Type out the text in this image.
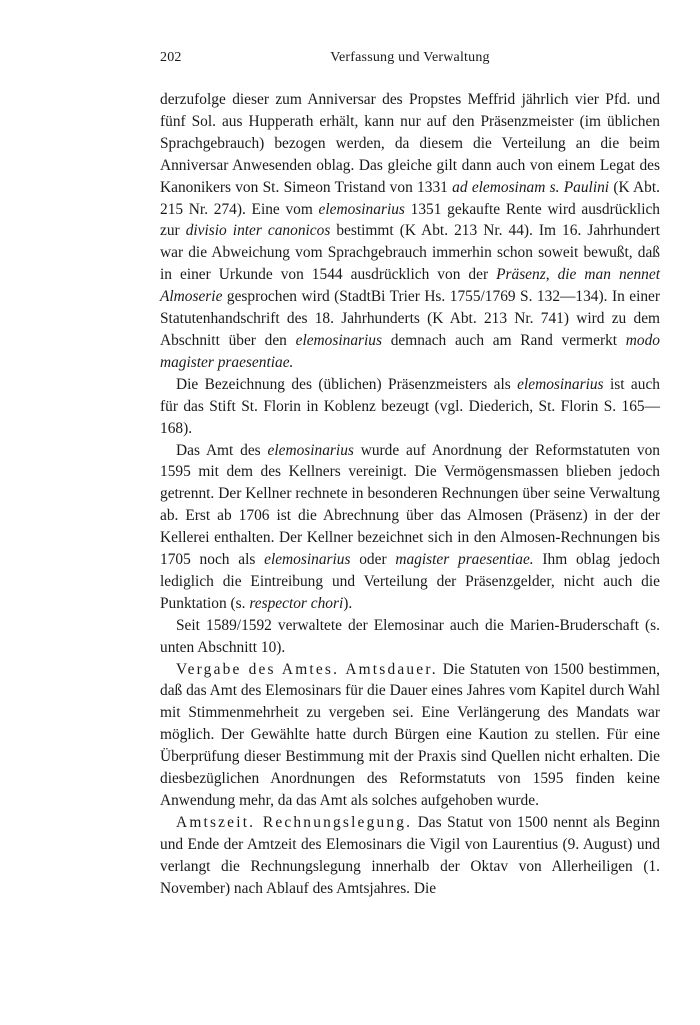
202	Verfassung und Verwaltung

derzufolge dieser zum Anniversar des Propstes Meffrid jährlich vier Pfd. und fünf Sol. aus Hupperath erhält, kann nur auf den Präsenzmeister (im üblichen Sprachgebrauch) bezogen werden, da diesem die Verteilung an die beim Anniversar Anwesenden oblag. Das gleiche gilt dann auch von einem Legat des Kanonikers von St. Simeon Tristand von 1331 ad elemosinam s. Paulini (K Abt. 215 Nr. 274). Eine vom elemosinarius 1351 gekaufte Rente wird ausdrücklich zur divisio inter canonicos bestimmt (K Abt. 213 Nr. 44). Im 16. Jahrhundert war die Abweichung vom Sprachgebrauch immerhin schon soweit bewußt, daß in einer Urkunde von 1544 ausdrücklich von der Präsenz, die man nennet Almoserie gesprochen wird (StadtBi Trier Hs. 1755/1769 S. 132—134). In einer Statutenhandschrift des 18. Jahrhunderts (K Abt. 213 Nr. 741) wird zu dem Abschnitt über den elemosinarius demnach auch am Rand vermerkt modo magister praesentiae.

Die Bezeichnung des (üblichen) Präsenzmeisters als elemosinarius ist auch für das Stift St. Florin in Koblenz bezeugt (vgl. Diederich, St. Florin S. 165—168).

Das Amt des elemosinarius wurde auf Anordnung der Reformstatuten von 1595 mit dem des Kellners vereinigt. Die Vermögensmassen blieben jedoch getrennt. Der Kellner rechnete in besonderen Rechnungen über seine Verwaltung ab. Erst ab 1706 ist die Abrechnung über das Almosen (Präsenz) in der der Kellerei enthalten. Der Kellner bezeichnet sich in den Almosen-Rechnungen bis 1705 noch als elemosinarius oder magister praesentiae. Ihm oblag jedoch lediglich die Eintreibung und Verteilung der Präsenzgelder, nicht auch die Punktation (s. respector chori).

Seit 1589/1592 verwaltete der Elemosinar auch die Marien-Bruderschaft (s. unten Abschnitt 10).

Vergabe des Amtes. Amtsdauer. Die Statuten von 1500 bestimmen, daß das Amt des Elemosinars für die Dauer eines Jahres vom Kapitel durch Wahl mit Stimmenmehrheit zu vergeben sei. Eine Verlängerung des Mandats war möglich. Der Gewählte hatte durch Bürgen eine Kaution zu stellen. Für eine Überprüfung dieser Bestimmung mit der Praxis sind Quellen nicht erhalten. Die diesbezüglichen Anordnungen des Reformstatuts von 1595 finden keine Anwendung mehr, da das Amt als solches aufgehoben wurde.

Amtszeit. Rechnungslegung. Das Statut von 1500 nennt als Beginn und Ende der Amtzeit des Elemosinars die Vigil von Laurentius (9. August) und verlangt die Rechnungslegung innerhalb der Oktav von Allerheiligen (1. November) nach Ablauf des Amtsjahres. Die
